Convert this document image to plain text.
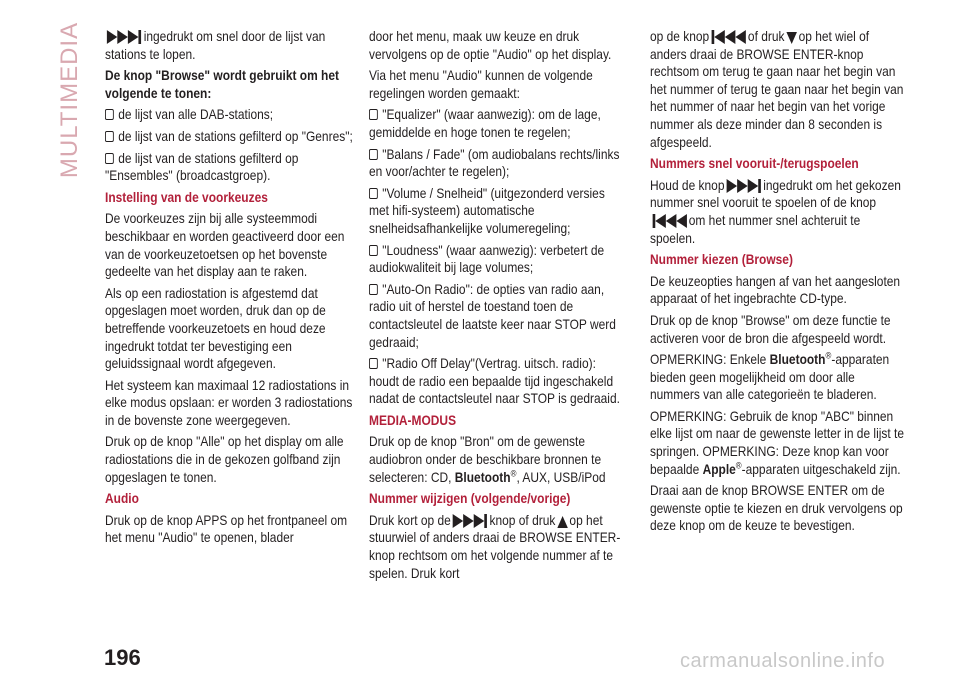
MULTIMEDIA	ingedrukt om snel door de lijst van stations te lopen.

De knop "Browse" wordt gebruikt om het volgende te tonen:

de lijst van alle DAB-stations;

de lijst van de stations gefilterd op "Genres";

de lijst van de stations gefilterd op "Ensembles" (broadcastgroep).

Instelling van de voorkeuzes

De voorkeuzes zijn bij alle systeemmodi beschikbaar en worden geactiveerd door een van de voorkeuzetoetsen op het bovenste gedeelte van het display aan te raken.

Als op een radiostation is afgestemd dat opgeslagen moet worden, druk dan op de betreffende voorkeuzetoets en houd deze ingedrukt totdat ter bevestiging een geluidssignaal wordt afgegeven.

Het systeem kan maximaal 12 radiostations in elke modus opslaan: er worden 3 radiostations in de bovenste zone weergegeven.

Druk op de knop "Alle" op het display om alle radiostations die in de gekozen golfband zijn opgeslagen te tonen.

Audio

Druk op de knop APPS op het frontpaneel om het menu "Audio" te openen, blader

door het menu, maak uw keuze en druk vervolgens op de optie "Audio" op het display.

Via het menu "Audio" kunnen de volgende regelingen worden gemaakt:

"Equalizer" (waar aanwezig): om de lage, gemiddelde en hoge tonen te regelen;

"Balans / Fade" (om audiobalans rechts/links en voor/achter te regelen);

"Volume / Snelheid" (uitgezonderd versies met hifi-systeem) automatische snelheidsafhankelijke volumeregeling;

"Loudness" (waar aanwezig): verbetert de audiokwaliteit bij lage volumes;

"Auto-On Radio": de opties van radio aan, radio uit of herstel de toestand toen de contactsleutel de laatste keer naar STOP werd gedraaid;

"Radio Off Delay"(Vertrag. uitsch. radio): houdt de radio een bepaalde tijd ingeschakeld nadat de contactsleutel naar STOP is gedraaid.

MEDIA-MODUS

Druk op de knop "Bron" om de gewenste audiobron onder de beschikbare bronnen te selecteren: CD, Bluetooth®, AUX, USB/iPod

Nummer wijzigen (volgende/vorige)

Druk kort op de	knop of druk op het stuurwiel of anders draai de BROWSE ENTER-knop rechtsom om het volgende nummer af te spelen. Druk kort

op de knop	of druk op het wiel of anders draai de BROWSE ENTER-knop rechtsom om terug te gaan naar het begin van het nummer of terug te gaan naar het begin van het nummer of naar het begin van het vorige nummer als deze minder dan 8 seconden is afgespeeld.

Nummers snel vooruit-/terugspoelen

Houd de knop	ingedrukt om het gekozen nummer snel vooruit te spoelen of de knopom het nummer snel achteruit te spoelen.

Nummer kiezen (Browse)

De keuzeopties hangen af van het aangesloten apparaat of het ingebrachte CD-type.

Druk op de knop "Browse" om deze functie te activeren voor de bron die afgespeeld wordt.

OPMERKING: Enkele Bluetooth®-apparaten bieden geen mogelijkheid om door alle nummers van alle categorieën te bladeren.

OPMERKING: Gebruik de knop "ABC" binnen elke lijst om naar de gewenste letter in de lijst te springen. OPMERKING: Deze knop kan voor bepaalde Apple®-apparaten uitgeschakeld zijn.

Draai aan de knop BROWSE ENTER om de gewenste optie te kiezen en druk vervolgens op deze knop om de keuze te bevestigen.

196	carmanualsonline.info
